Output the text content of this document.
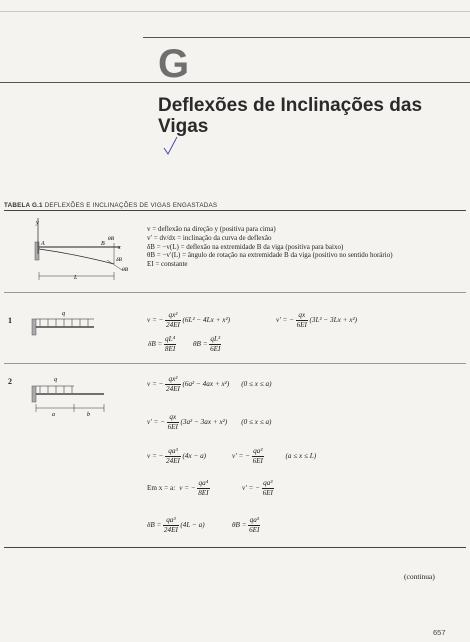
G
Deflexões de Inclinações das Vigas
TABELA G.1 DEFLEXÕES E INCLINAÇÕES DE VIGAS ENGASTADAS
y
x
A	B
θB
δB
θB
L
v = deflexão na direção y (positiva para cima)
v′ = dv/dx = inclinação da curva de deflexão
δB = −v(L) = deflexão na extremidade B da viga (positiva para baixo)
θB = −v′(L) = ângulo de rotação na extremidade B da viga (positivo no sentido horário)
EI = constante
1
q
v = − $\frac{\text{qx²}}{24EI} (6L^2 - 4Lx + x^2)$	v′ = − $\frac{qx}{6EI} (3L^2 - 3Lx + x^2)$
$\delta B = \frac{\text{qL⁴}}{8EI}$ $\theta B = \frac{\text{qL³}}{6EI}$
2	q
a	b
v = − $\frac{\text{qx²}}{24EI} (6a^2 - 4ax + x^2) (0 \le x \le a)$
v′ = − $\frac{qx}{6EI} (3a^2 - 3ax + x^2) (0 \le x \le a)$
v = − $\frac{\text{qa³}}{24EI} (4x - a)$	v′ = − $\frac{\text{qa³}}{6EI}$	(a ≤ x ≤ L)
Em x = a: v = − $\frac{\text{qa⁴}}{8EI}$	v′ = − $\frac{\text{qa³}}{6EI}$
$\delta B = \frac{\text{qa³}}{24EI} (4L - a)$	$\theta B = \frac{\text{qa³}}{6EI}$
(continua)
657
